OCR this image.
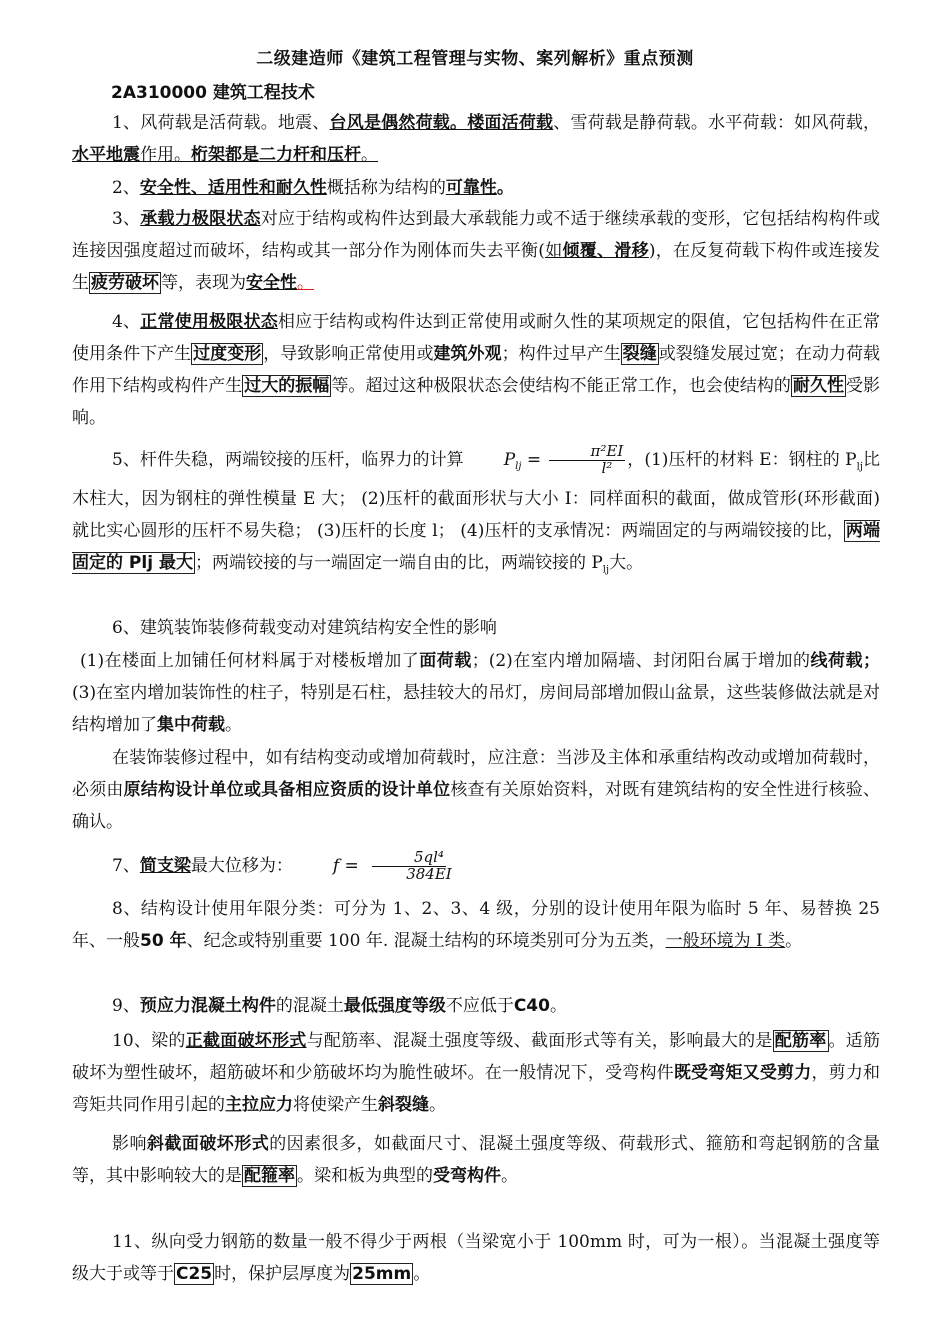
二级建造师《建筑工程管理与实物、案列解析》重点预测
2A310000 建筑工程技术

1、风荷载是活荷载。地震、台风是偶然荷载。楼面活荷载、雪荷载是静荷载。水平荷载：如风荷载，水平地震作用。桁架都是二力杆和压杆。

2、安全性、适用性和耐久性概括称为结构的可靠性。

3、承载力极限状态对应于结构或构件达到最大承载能力或不适于继续承载的变形，它包括结构构件或连接因强度超过而破坏，结构或其一部分作为刚体而失去平衡(如倾覆、滑移)，在反复荷载下构件或连接发生 疲劳破坏 等，表现为安全性。

4、正常使用极限状态相应于结构或构件达到正常使用或耐久性的某项规定的限值，它包括构件在正常使用条件下产生 过度变形 ，导致影响正常使用或建筑外观；构件过早产生 裂缝 或裂缝发展过宽；在动力荷载作用下结构或构件产生 过大的振幅 等。超过这种极限状态会使结构不能正常工作，也会使结构的 耐久性 受影响。

5、杆件失稳，两端铰接的压杆，临界力的计算 $P_{lj} = \frac{\text{π²EI}}{\text{l²}}$ ，(1)压杆的材料 E：钢柱的 $P_{lj}$比木柱大，因为钢柱的弹性模量 E 大； (2)压杆的截面形状与大小 I：同样面积的截面，做成管形(环形截面)就比实心圆形的压杆不易失稳； (3)压杆的长度 l； (4)压杆的支承情况：两端固定的与两端铰接的比， 两端固定的 Plj 最大 ；两端铰接的与一端固定一端自由的比，两端铰接的 $P_{lj}$大。

6、建筑装饰装修荷载变动对建筑结构安全性的影响

(1)在楼面上加铺任何材料属于对楼板增加了面荷载；(2)在室内增加隔墙、封闭阳台属于增加的线荷载；(3)在室内增加装饰性的柱子，特别是石柱，悬挂较大的吊灯，房间局部增加假山盆景，这些装修做法就是对结构增加了集中荷载。

在装饰装修过程中，如有结构变动或增加荷载时，应注意：当涉及主体和承重结构改动或增加荷载时，必须由原结构设计单位或具备相应资质的设计单位核查有关原始资料，对既有建筑结构的安全性进行核验、确认。

7、简支梁最大位移为： $f = \frac{\text{5ql⁴}}{384EI}$

8、结构设计使用年限分类：可分为 1、2、3、4 级，分别的设计使用年限为临时 5 年、易替换 25 年、一般50 年、纪念或特别重要 100 年. 混凝土结构的环境类别可分为五类，一般环境为 I 类。

9、预应力混凝土构件的混凝土最低强度等级不应低于C40。

10、梁的正截面破坏形式与配筋率、混凝土强度等级、截面形式等有关，影响最大的是 配筋率 。适筋破坏为塑性破坏，超筋破坏和少筋破坏均为脆性破坏。在一般情况下，受弯构件既受弯矩又受剪力，剪力和弯矩共同作用引起的主拉应力将使梁产生斜裂缝。

影响斜截面破坏形式的因素很多，如截面尺寸、混凝土强度等级、荷载形式、箍筋和弯起钢筋的含量等，其中影响较大的是 配箍率 。梁和板为典型的受弯构件。

11、纵向受力钢筋的数量一般不得少于两根（当梁宽小于 100mm 时，可为一根）。当混凝土强度等级大于或等于 C25 时，保护层厚度为 25mm 。
